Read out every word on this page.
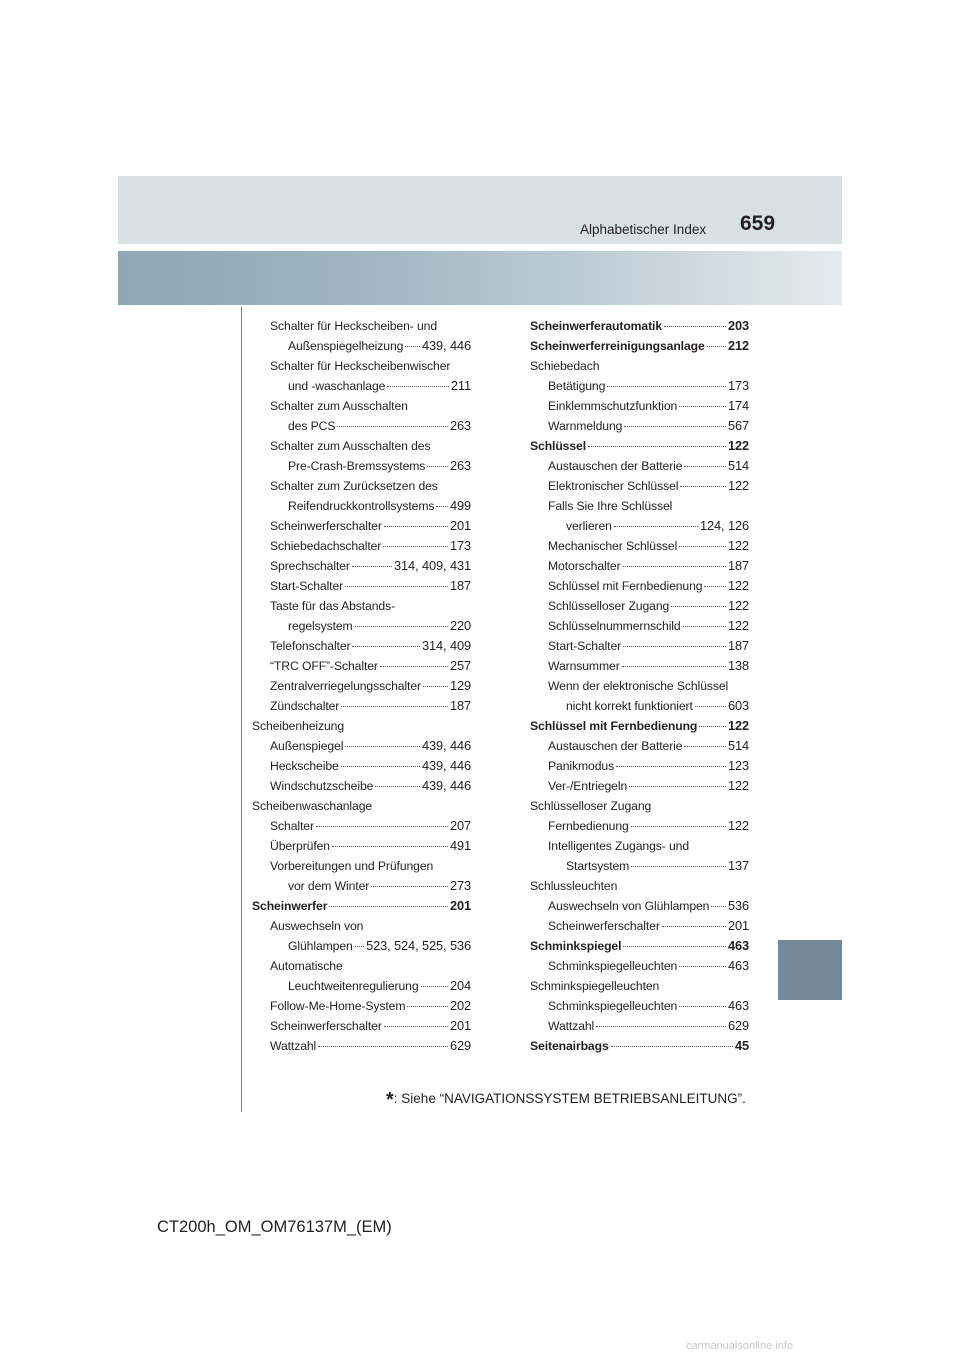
Alphabetischer Index 659
Schalter für Heckscheiben- und
Außenspiegelheizung 439, 446
Schalter für Heckscheibenwischer
und -waschanlage	211
Schalter zum Ausschalten
des PCS	263
Schalter zum Ausschalten des
Pre-Crash-Bremssystems 263
Schalter zum Zurücksetzen des
Reifendruckkontrollsystems 499
Scheinwerferschalter	201
Schiebedachschalter	173
Sprechschalter	314, 409, 431
Start-Schalter	187
Taste für das Abstands-
regelsystem	220
Telefonschalter	314, 409
“TRC OFF”-Schalter	257
Zentralverriegelungsschalter 129
Zündschalter	187
Scheibenheizung
Außenspiegel	439, 446
Heckscheibe	439, 446
Windschutzscheibe	439, 446
Scheibenwaschanlage
Schalter	207
Überprüfen	491
Vorbereitungen und Prüfungen
vor dem Winter	273
Scheinwerfer	201
Auswechseln von
Glühlampen 523, 524, 525, 536
Automatische
Leuchtweitenregulierung 204
Follow-Me-Home-System	202
Scheinwerferschalter	201
Wattzahl	629
Scheinwerferautomatik	203
Scheinwerferreinigungsanlage 212
Schiebedach
Betätigung	173
Einklemmschutzfunktion	174
Warnmeldung	567
Schlüssel	122
Austauschen der Batterie	514
Elektronischer Schlüssel	122
Falls Sie Ihre Schlüssel
verlieren	124, 126
Mechanischer Schlüssel	122
Motorschalter	187
Schlüssel mit Fernbedienung 122
Schlüsselloser Zugang	122
Schlüsselnummernschild	122
Start-Schalter	187
Warnsummer	138
Wenn der elektronische Schlüssel
nicht korrekt funktioniert	603
Schlüssel mit Fernbedienung 122
Austauschen der Batterie	514
Panikmodus	123
Ver-/Entriegeln	122
Schlüsselloser Zugang
Fernbedienung	122
Intelligentes Zugangs- und
Startsystem	137
Schlussleuchten
Auswechseln von Glühlampen 536
Scheinwerferschalter	201
Schminkspiegel	463
Schminkspiegelleuchten	463
Schminkspiegelleuchten
Schminkspiegelleuchten	463
Wattzahl	629
Seitenairbags	45
*: Siehe “NAVIGATIONSSYSTEM BETRIEBSANLEITUNG”.
CT200h_OM_OM76137M_(EM)
carmanualsonline.info
